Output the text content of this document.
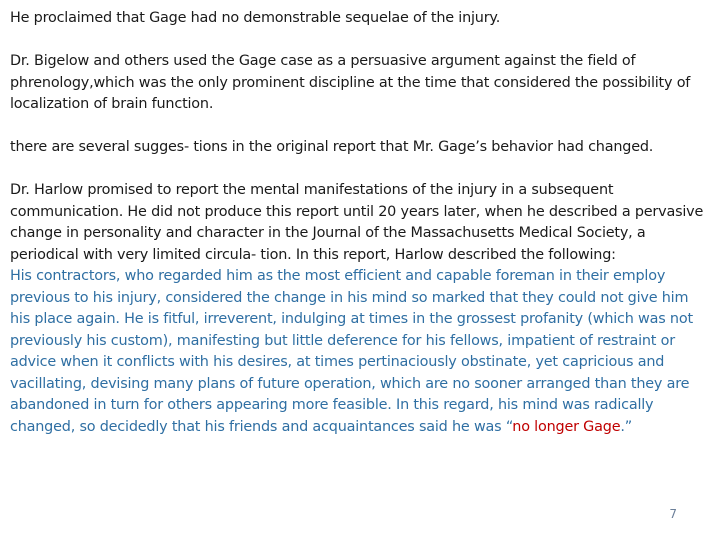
He proclaimed that Gage had no demonstrable sequelae of the injury.

Dr. Bigelow and others used the Gage case as a persuasive argument against the field of phrenology,which was the only prominent discipline at the time that considered the possibility of localization of brain function.

there are several sugges- tions in the original report that Mr. Gage’s behavior had changed.

Dr. Harlow promised to report the mental manifestations of the injury in a subsequent communication. He did not produce this report until 20 years later, when he described a pervasive change in personality and character in the Journal of the Massachusetts Medical Society, a periodical with very limited circula- tion. In this report, Harlow described the following:

His contractors, who regarded him as the most efficient and capable foreman in their employ previous to his injury, considered the change in his mind so marked that they could not give him his place again. He is fitful, irreverent, indulging at times in the grossest profanity (which was not previously his custom), manifesting but little deference for his fellows, impatient of restraint or advice when it conflicts with his desires, at times pertinaciously obstinate, yet capricious and vacillating, devising many plans of future operation, which are no sooner arranged than they are abandoned in turn for others appearing more feasible. In this regard, his mind was radically changed, so decidedly that his friends and acquaintances said he was “no longer Gage.”

7
